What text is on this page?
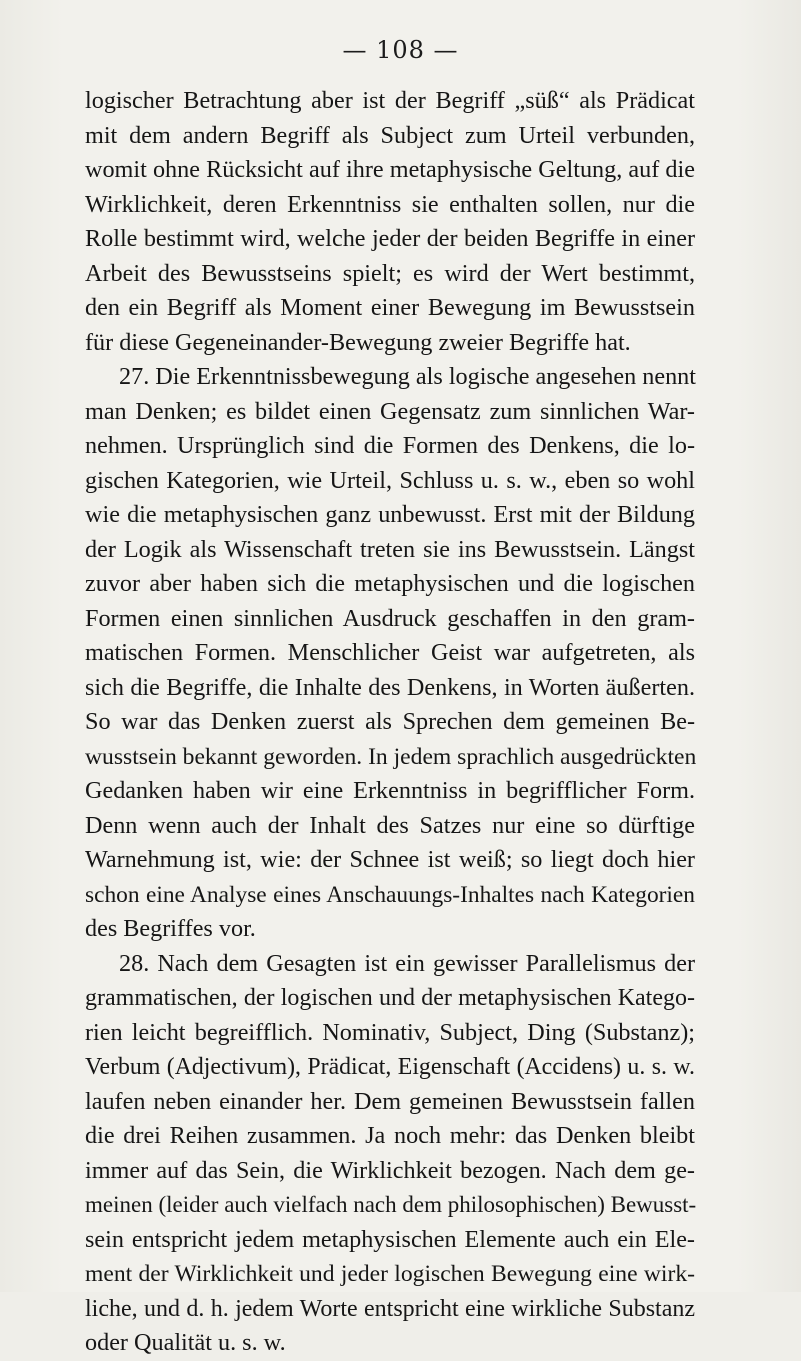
— 108 —
logischer Betrachtung aber ist der Begriff „süß“ als Prädicat
mit dem andern Begriff als Subject zum Urteil verbunden,
womit ohne Rücksicht auf ihre metaphysische Geltung, auf die
Wirklichkeit, deren Erkenntniss sie enthalten sollen, nur die
Rolle bestimmt wird, welche jeder der beiden Begriffe in einer
Arbeit des Bewusstseins spielt; es wird der Wert bestimmt,
den ein Begriff als Moment einer Bewegung im Bewusstsein
für diese Gegeneinander-Bewegung zweier Begriffe hat.
27. Die Erkenntnissbewegung als logische angesehen nennt
man Denken; es bildet einen Gegensatz zum sinnlichen War-
nehmen. Ursprünglich sind die Formen des Denkens, die lo-
gischen Kategorien, wie Urteil, Schluss u. s. w., eben so wohl
wie die metaphysischen ganz unbewusst. Erst mit der Bildung
der Logik als Wissenschaft treten sie ins Bewusstsein. Längst
zuvor aber haben sich die metaphysischen und die logischen
Formen einen sinnlichen Ausdruck geschaffen in den gram-
matischen Formen. Menschlicher Geist war aufgetreten, als
sich die Begriffe, die Inhalte des Denkens, in Worten äußerten.
So war das Denken zuerst als Sprechen dem gemeinen Be-
wusstsein bekannt geworden. In jedem sprachlich ausgedrückten
Gedanken haben wir eine Erkenntniss in begrifflicher Form.
Denn wenn auch der Inhalt des Satzes nur eine so dürftige
Warnehmung ist, wie: der Schnee ist weiß; so liegt doch hier
schon eine Analyse eines Anschauungs-Inhaltes nach Kategorien
des Begriffes vor.
28. Nach dem Gesagten ist ein gewisser Parallelismus der
grammatischen, der logischen und der metaphysischen Katego-
rien leicht begreifflich. Nominativ, Subject, Ding (Substanz);
Verbum (Adjectivum), Prädicat, Eigenschaft (Accidens) u. s. w.
laufen neben einander her. Dem gemeinen Bewusstsein fallen
die drei Reihen zusammen. Ja noch mehr: das Denken bleibt
immer auf das Sein, die Wirklichkeit bezogen. Nach dem ge-
meinen (leider auch vielfach nach dem philosophischen) Bewusst-
sein entspricht jedem metaphysischen Elemente auch ein Ele-
ment der Wirklichkeit und jeder logischen Bewegung eine wirk-
liche, und d. h. jedem Worte entspricht eine wirkliche Substanz
oder Qualität u. s. w.
